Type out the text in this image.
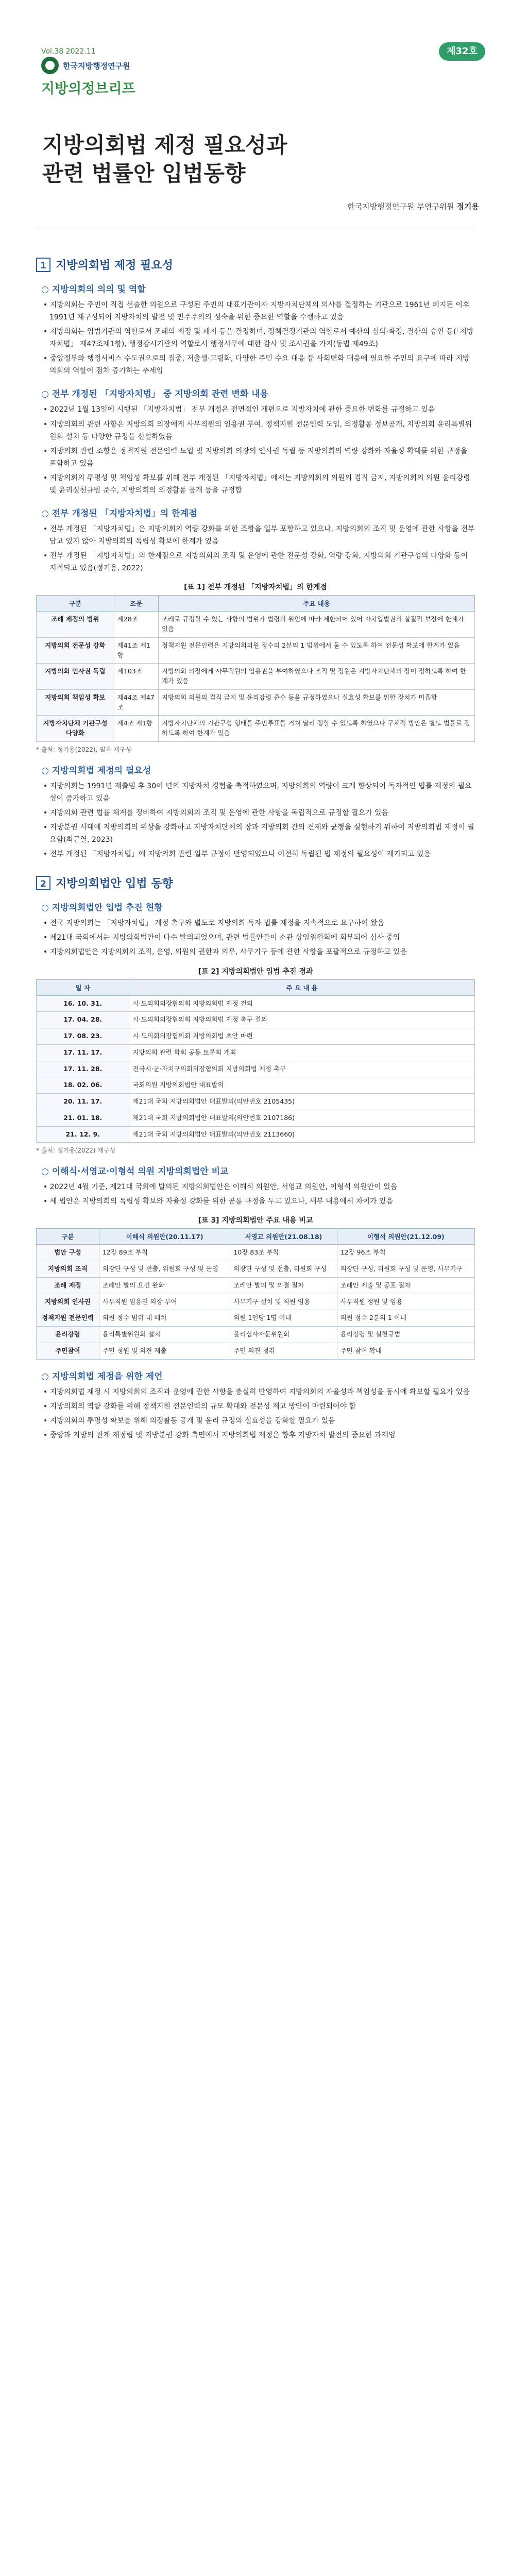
Vol.38 2022.11
한국지방행정연구원
지방의정브리프
제32호
지방의회법 제정 필요성과
관련 법률안 입법동향
한국지방행정연구원 부연구위원 정기용
1 지방의회법 제정 필요성
○ 지방의회의 의의 및 역할
• 지방의회는 주민이 직접 선출한 의원으로 구성된 주민의 대표기관이자 지방자치단체의 의사를 결정하는 기관으로 1961년 폐지된 이후 1991년 재구성되어 지방자치의 발전 및 민주주의의 성숙을 위한 중요한 역할을 수행하고 있음
• 지방의회는 입법기관의 역할로서 조례의 제정 및 폐지 등을 결정하며, 정책결정기관의 역할로서 예산의 심의·확정, 결산의 승인 등(「지방자치법」 제47조제1항), 행정감시기관의 역할로서 행정사무에 대한 감사 및 조사권을 가지(동법 제49조)
• 중앙정부와 행정서비스 수도권으로의 집중, 저출생·고령화, 다양한 주민 수요 대응 등 사회변화 대응에 필요한 주민의 요구에 따라 지방의회의 역할이 점차 증가하는 추세임
○ 전부 개정된 「지방자치법」 중 지방의회 관련 변화 내용
• 2022년 1월 13일에 시행된 「지방자치법」 전부 개정은 전면적인 개편으로 지방자치에 관한 중요한 변화를 규정하고 있음
• 지방의회의 관련 사항은 지방의회 의장에게 사무직원의 임용권 부여, 정책지원 전문인력 도입, 의정활동 정보공개, 지방의회 윤리특별위원회 설치 등 다양한 규정을 신설하였음
• 지방의회 관련 조항은 정책지원 전문인력 도입 및 지방의회 의장의 인사권 독립 등 지방의회의 역량 강화와 자율성 확대를 위한 규정을 포함하고 있음
• 지방의회의 투명성 및 책임성 확보를 위해 전부 개정된 「지방자치법」에서는 지방의회의 의원의 겸직 금지, 지방의회의 의원 윤리강령 및 윤리실천규범 준수, 지방의회의 의정활동 공개 등을 규정함
○ 전부 개정된 「지방자치법」의 한계점
• 전부 개정된 「지방자치법」은 지방의회의 역량 강화를 위한 조항을 일부 포함하고 있으나, 지방의회의 조직 및 운영에 관한 사항을 전부 담고 있지 않아 지방의회의 독립성 확보에 한계가 있음
• 전부 개정된 「지방자치법」의 한계점으로 지방의회의 조직 및 운영에 관한 전문성 강화, 역량 강화, 지방의회 기관구성의 다양화 등이 지적되고 있음(정기용, 2022)
[표 1] 전부 개정된 「지방자치법」의 한계점
구분	조문	주요 내용
조례 제정의 범위	제28조	조례로 규정할 수 있는 사항의 범위가 법령의 위임에 따라 제한되어 있어 자치입법권의 실질적 보장에 한계가 있음
지방의회 전문성 강화	제41조 제1항	정책지원 전문인력은 지방의회의원 정수의 2분의 1 범위에서 둘 수 있도록 하여 전문성 확보에 한계가 있음
지방의회 인사권 독립	제103조	지방의회 의장에게 사무직원의 임용권을 부여하였으나 조직 및 정원은 지방자치단체의 장이 정하도록 하여 한계가 있음
지방의회 책임성 확보	제44조 제47조	지방의회 의원의 겸직 금지 및 윤리강령 준수 등을 규정하였으나 실효성 확보를 위한 장치가 미흡함
지방자치단체 기관구성 다양화	제4조 제1항	지방자치단체의 기관구성 형태를 주민투표를 거쳐 달리 정할 수 있도록 하였으나 구체적 방안은 별도 법률로 정하도록 하여 한계가 있음
* 출처: 정기용(2022), 필자 재구성
○ 지방의회법 제정의 필요성
• 지방의회는 1991년 재출범 후 30여 년의 지방자치 경험을 축적하였으며, 지방의회의 역량이 크게 향상되어 독자적인 법률 제정의 필요성이 증가하고 있음
• 지방의회 관련 법률 체계를 정비하여 지방의회의 조직 및 운영에 관한 사항을 독립적으로 규정할 필요가 있음
• 지방분권 시대에 지방의회의 위상을 강화하고 지방자치단체의 장과 지방의회 간의 견제와 균형을 실현하기 위하여 지방의회법 제정이 필요함(최근열, 2023)
• 전부 개정된 「지방자치법」에 지방의회 관련 일부 규정이 반영되었으나 여전히 독립된 법 제정의 필요성이 제기되고 있음
2 지방의회법안 입법 동향
○ 지방의회법안 입법 추진 현황
• 전국 지방의회는 「지방자치법」 개정 촉구와 별도로 지방의회 독자 법률 제정을 지속적으로 요구하여 왔음
• 제21대 국회에서는 지방의회법안이 다수 발의되었으며, 관련 법률안들이 소관 상임위원회에 회부되어 심사 중임
• 지방의회법안은 지방의회의 조직, 운영, 의원의 권한과 의무, 사무기구 등에 관한 사항을 포괄적으로 규정하고 있음
[표 2] 지방의회법안 입법 추진 경과
일 자	주 요 내 용
16. 10. 31.	시·도의회의장협의회 지방의회법 제정 건의
17. 04. 28.	시·도의회의장협의회 지방의회법 제정 촉구 결의
17. 08. 23.	시·도의회의장협의회 지방의회법 초안 마련
17. 11. 17.	지방의회 관련 학회 공동 토론회 개최
17. 11. 28.	전국시·군·자치구의회의장협의회 지방의회법 제정 촉구
18. 02. 06.	국회의원 지방의회법안 대표발의
20. 11. 17.	제21대 국회 지방의회법안 대표발의(의안번호 2105435)
21. 01. 18.	제21대 국회 지방의회법안 대표발의(의안번호 2107186)
21. 12. 9.	제21대 국회 지방의회법안 대표발의(의안번호 2113660)
* 출처: 정기용(2022) 재구성
○ 이해식·서영교·이형석 의원 지방의회법안 비교
• 2022년 4월 기준, 제21대 국회에 발의된 지방의회법안은 이해식 의원안, 서영교 의원안, 이형석 의원안이 있음
• 세 법안은 지방의회의 독립성 확보와 자율성 강화를 위한 공통 규정을 두고 있으나, 세부 내용에서 차이가 있음
[표 3] 지방의회법안 주요 내용 비교
구분	이해식 의원안(20.11.17)	서영교 의원안(21.08.18)	이형석 의원안(21.12.09)
법안 구성	12장 89조 부칙	10장 83조 부칙	12장 96조 부칙
지방의회 조직	의장단 구성 및 선출, 위원회 구성 및 운영	의장단 구성 및 선출, 위원회 구성	의장단 구성, 위원회 구성 및 운영, 사무기구
조례 제정	조례안 발의 요건 완화	조례안 발의 및 의결 절차	조례안 제출 및 공포 절차
지방의회 인사권	사무직원 임용권 의장 부여	사무기구 설치 및 직원 임용	사무직원 정원 및 임용
정책지원 전문인력	의원 정수 범위 내 배치	의원 1인당 1명 이내	의원 정수 2분의 1 이내
윤리강령	윤리특별위원회 설치	윤리심사자문위원회	윤리강령 및 실천규범
주민참여	주민 청원 및 의견 제출	주민 의견 청취	주민 참여 확대
○ 지방의회법 제정을 위한 제언
• 지방의회법 제정 시 지방의회의 조직과 운영에 관한 사항을 충실히 반영하여 지방의회의 자율성과 책임성을 동시에 확보할 필요가 있음
• 지방의회의 역량 강화를 위해 정책지원 전문인력의 규모 확대와 전문성 제고 방안이 마련되어야 함
• 지방의회의 투명성 확보를 위해 의정활동 공개 및 윤리 규정의 실효성을 강화할 필요가 있음
• 중앙과 지방의 관계 재정립 및 지방분권 강화 측면에서 지방의회법 제정은 향후 지방자치 발전의 중요한 과제임
